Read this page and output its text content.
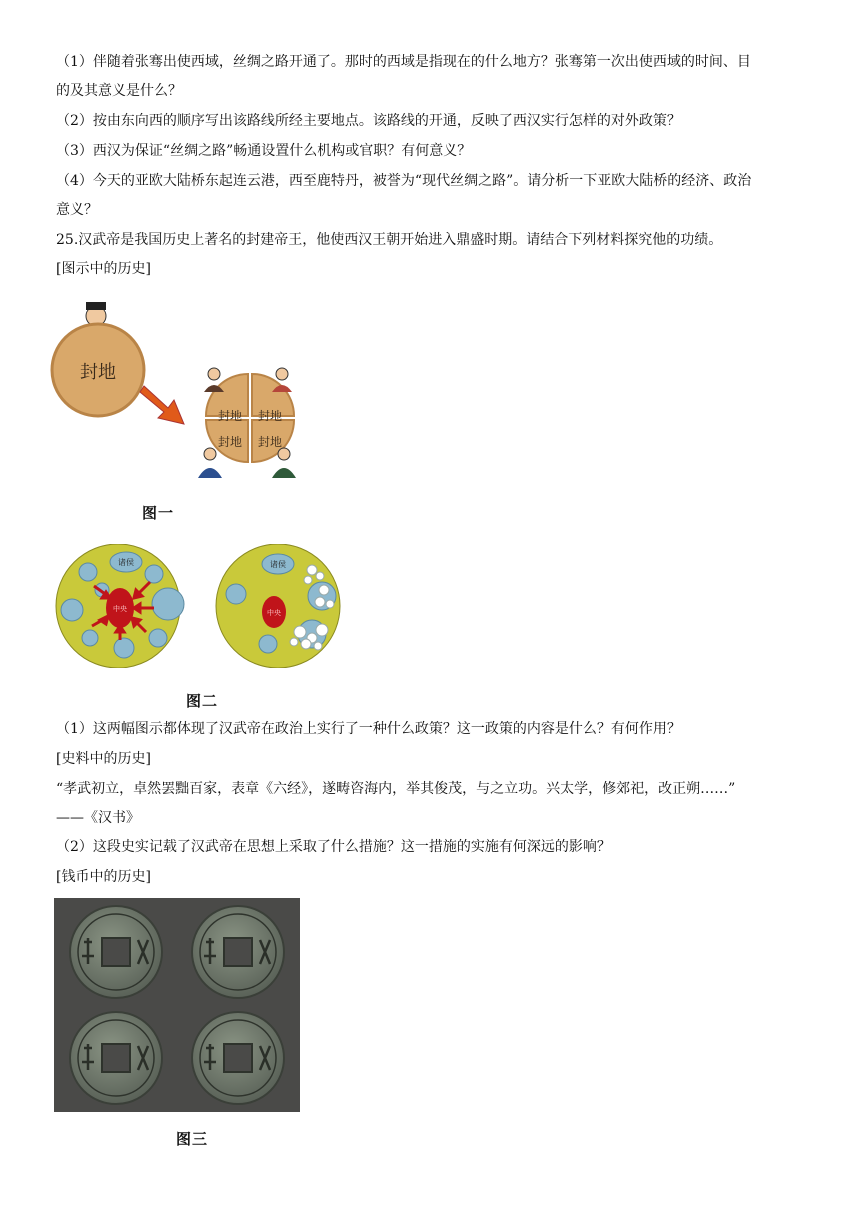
（1）伴随着张骞出使西域，丝绸之路开通了。那时的西域是指现在的什么地方？张骞第一次出使西域的时间、目
的及其意义是什么？
（2）按由东向西的顺序写出该路线所经主要地点。该路线的开通，反映了西汉实行怎样的对外政策？
（3）西汉为保证“丝绸之路”畅通设置什么机构或官职？有何意义？
（4）今天的亚欧大陆桥东起连云港，西至鹿特丹，被誉为“现代丝绸之路”。请分析一下亚欧大陆桥的经济、政治
意义？
25.汉武帝是我国历史上著名的封建帝王，他使西汉王朝开始进入鼎盛时期。请结合下列材料探究他的功绩。
[图示中的历史]
封地
封地 封地
封地 封地
图一
诸侯
中央
诸侯
中央
图二
（1）这两幅图示都体现了汉武帝在政治上实行了一种什么政策？这一政策的内容是什么？有何作用？
[史料中的历史]
“孝武初立，卓然罢黜百家，表章《六经》，遂畴咨海内，举其俊茂，与之立功。兴太学，修郊祀，改正朔……”
——《汉书》
（2）这段史实记载了汉武帝在思想上采取了什么措施？这一措施的实施有何深远的影响？
[钱币中的历史]
图三
